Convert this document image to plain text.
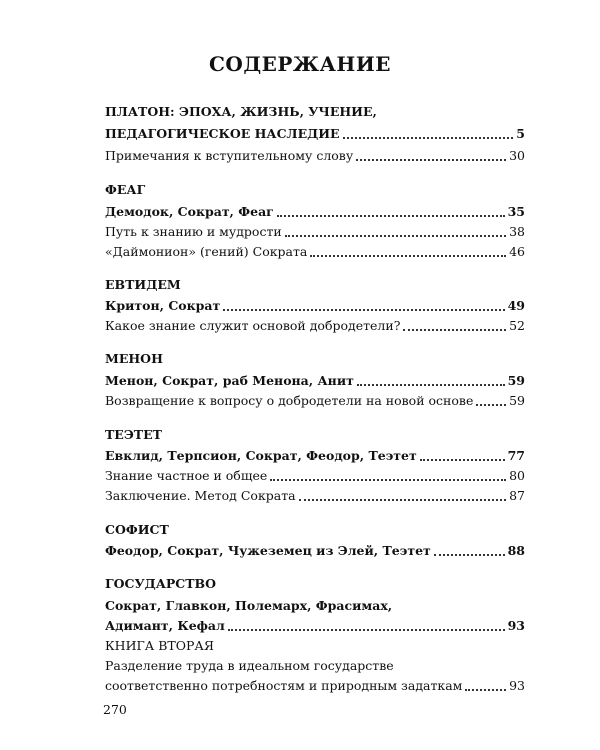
СОДЕРЖАНИЕ
ПЛАТОН: ЭПОХА, ЖИЗНЬ, УЧЕНИЕ,
ПЕДАГОГИЧЕСКОЕ НАСЛЕДИЕ	5
Примечания к вступительному слову	30
ФЕАГ
Демодок, Сократ, Феаг	35
Путь к знанию и мудрости	38
«Даймонион» (гений) Сократа	46
ЕВТИДЕМ
Критон, Сократ	49
Какое знание служит основой добродетели?	52
МЕНОН
Менон, Сократ, раб Менона, Анит	59
Возвращение к вопросу о добродетели на новой основе	59
ТЕЭТЕТ
Евклид, Терпсион, Сократ, Феодор, Теэтет	77
Знание частное и общее	80
Заключение. Метод Сократа	87
СОФИСТ
Феодор, Сократ, Чужеземец из Элей, Теэтет	88
ГОСУДАРСТВО
Сократ, Главкон, Полемарх, Фрасимах,
Адимант, Кефал	93
КНИГА ВТОРАЯ
Разделение труда в идеальном государстве
соответственно потребностям и природным задаткам	93
270
